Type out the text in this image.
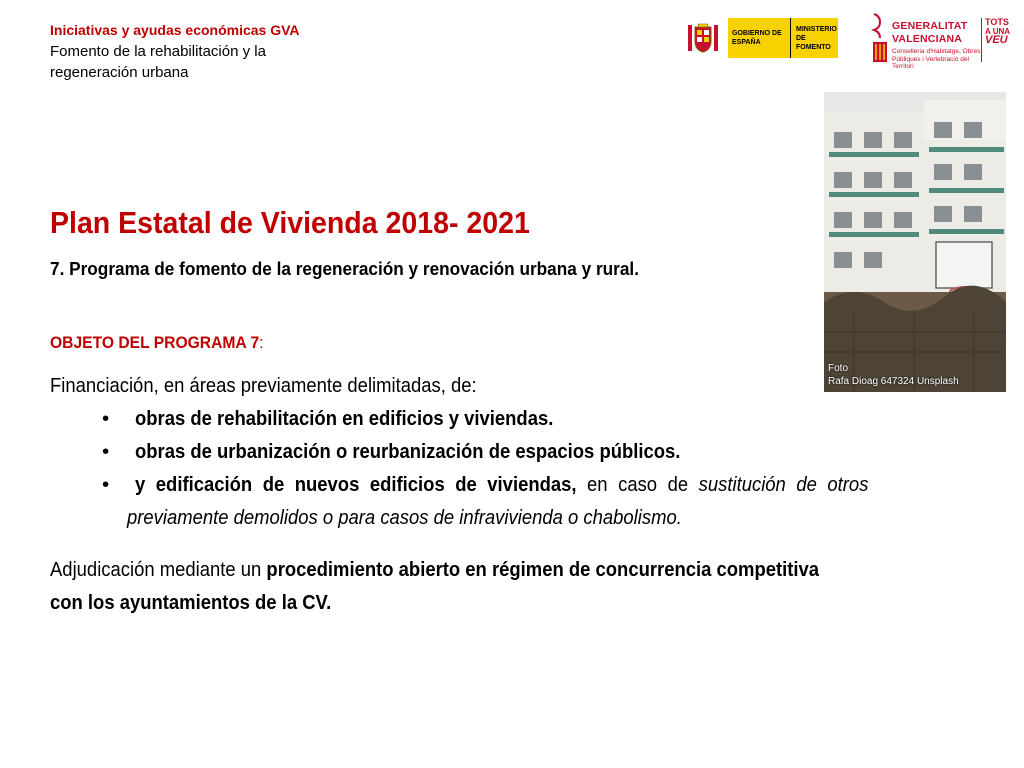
Iniciativas y ayudas económicas GVA
Fomento de la rehabilitación y la
regeneración urbana
GOBIERNO DE ESPAÑA
MINISTERIO DE FOMENTO
GENERALITAT
VALENCIANA
Conselleria d'Habitatge, Obres Públiques i Vertebració del Territori
TOTS
A UNA
VEU
Foto
Rafa Dioag 647324 Unsplash
Plan Estatal de Vivienda 2018- 2021
7. Programa de fomento de la regeneración y renovación urbana y rural.
OBJETO DEL PROGRAMA 7:
Financiación, en áreas previamente delimitadas, de:
• obras de rehabilitación en edificios y viviendas.
• obras de urbanización o reurbanización de espacios públicos.
• y edificación de nuevos edificios de viviendas, en caso de sustitución de otros
previamente demolidos o para casos de infravivienda o chabolismo.
Adjudicación mediante un procedimiento abierto en régimen de concurrencia competitiva
con los ayuntamientos de la CV.
